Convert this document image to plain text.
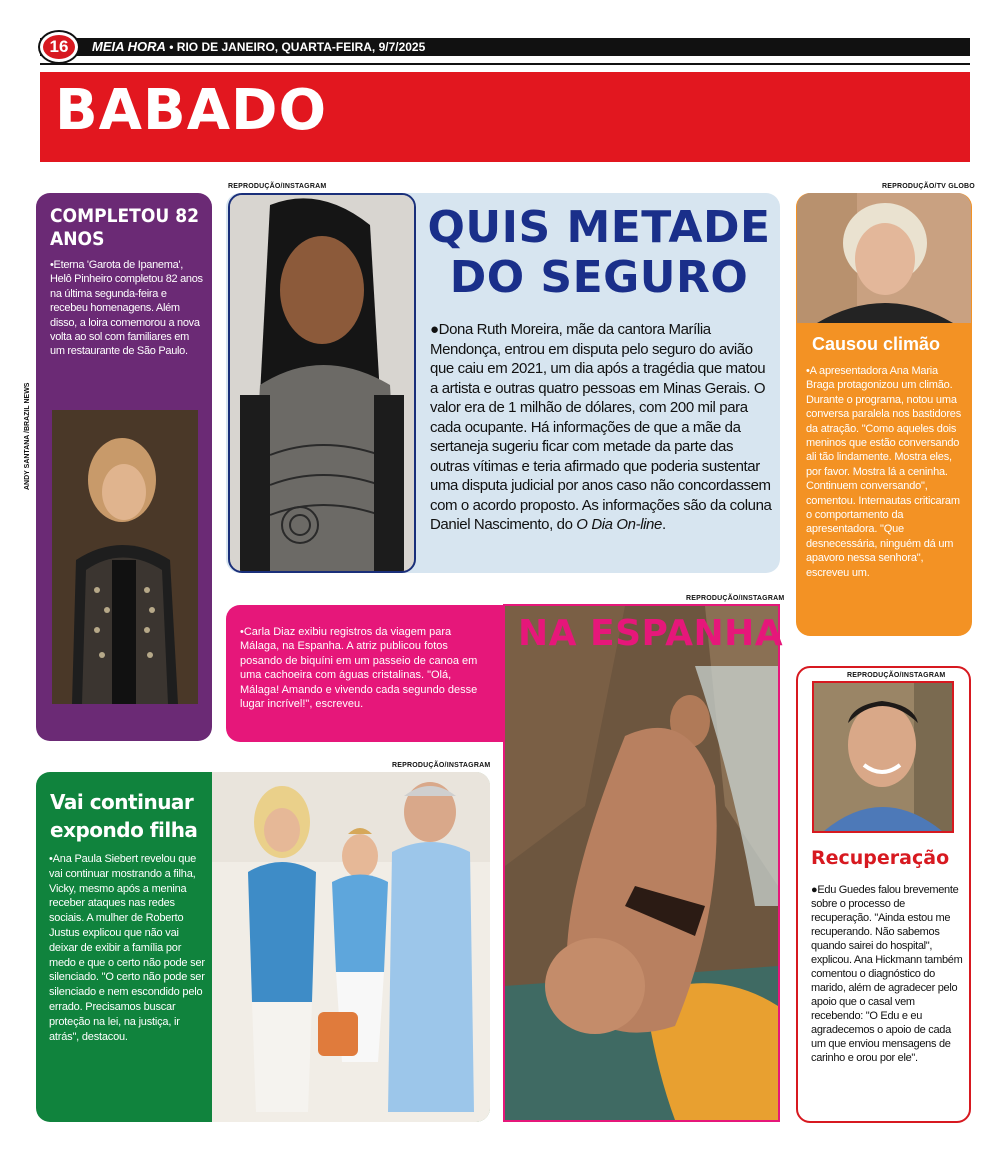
16	MEIA HORA • RIO DE JANEIRO, QUARTA-FEIRA, 9/7/2025
BABADO
COMPLETOU 82 ANOS
•Eterna 'Garota de Ipanema', Helô Pinheiro completou 82 anos na última segunda-feira e recebeu homenagens. Além disso, a loira comemorou a nova volta ao sol com familiares em um restaurante de São Paulo.
ANDY SANTANA /BRAZIL NEWS
REPRODUÇÃO/INSTAGRAM
QUIS METADE
DO SEGURO
●Dona Ruth Moreira, mãe da cantora Marília Mendonça, entrou em disputa pelo seguro do avião que caiu em 2021, um dia após a tragédia que matou a artista e outras quatro pessoas em Minas Gerais. O valor era de 1 milhão de dólares, com 200 mil para cada ocupante. Há informações de que a mãe da sertaneja sugeriu ficar com metade da parte das outras vítimas e teria afirmado que poderia sustentar uma disputa judicial por anos caso não concordassem com o acordo proposto. As informações são da coluna Daniel Nascimento, do O Dia On-line.
•Carla Diaz exibiu registros da viagem para Málaga, na Espanha. A atriz publicou fotos posando de biquíni em um passeio de canoa em uma cachoeira com águas cristalinas. "Olá, Málaga! Amando e vivendo cada segundo desse lugar incrível!", escreveu.
REPRODUÇÃO/INSTAGRAM
NA ESPANHA
REPRODUÇÃO/TV GLOBO
Causou climão
•A apresentadora Ana Maria Braga protagonizou um climão. Durante o programa, notou uma conversa paralela nos bastidores da atração. "Como aqueles dois meninos que estão conversando ali tão lindamente. Mostra eles, por favor. Mostra lá a ceninha. Continuem conversando", comentou. Internautas criticaram o comportamento da apresentadora. "Que desnecessária, ninguém dá um apavoro nessa senhora", escreveu um.
REPRODUÇÃO/INSTAGRAM
Recuperação
●Edu Guedes falou brevemente sobre o processo de recuperação. "Ainda estou me recuperando. Não sabemos quando sairei do hospital", explicou. Ana Hickmann também comentou o diagnóstico do marido, além de agradecer pelo apoio que o casal vem recebendo: "O Edu e eu agradecemos o apoio de cada um que enviou mensagens de carinho e orou por ele".
REPRODUÇÃO/INSTAGRAM
Vai continuar expondo filha
•Ana Paula Siebert revelou que vai continuar mostrando a filha, Vicky, mesmo após a menina receber ataques nas redes sociais. A mulher de Roberto Justus explicou que não vai deixar de exibir a família por medo e que o certo não pode ser silenciado. "O certo não pode ser silenciado e nem escondido pelo errado. Precisamos buscar proteção na lei, na justiça, ir atrás", destacou.
